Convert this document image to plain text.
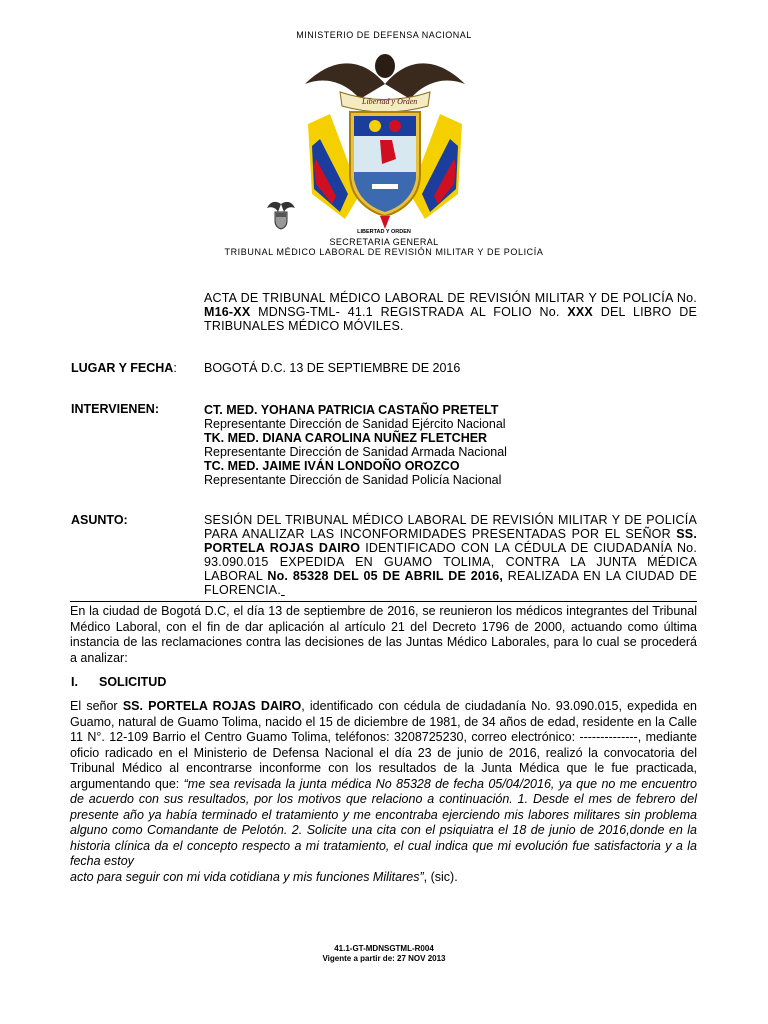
MINISTERIO DE DEFENSA NACIONAL
Libertad y Orden
LIBERTAD Y ORDEN
SECRETARIA GENERAL
TRIBUNAL MÉDICO LABORAL DE REVISIÓN MILITAR Y DE POLICÍA
ACTA DE TRIBUNAL MÉDICO LABORAL DE REVISIÓN MILITAR Y DE POLICÍA No. M16-XX MDNSG-TML- 41.1 REGISTRADA AL FOLIO No. XXX DEL LIBRO DE TRIBUNALES MÉDICO MÓVILES.
LUGAR Y FECHA: BOGOTÁ D.C. 13 DE SEPTIEMBRE DE 2016
INTERVIENEN:	CT. MED. YOHANA PATRICIA CASTAÑO PRETELT
Representante Dirección de Sanidad Ejército Nacional
TK. MED. DIANA CAROLINA NUÑEZ FLETCHER
Representante Dirección de Sanidad Armada Nacional
TC. MED. JAIME IVÁN LONDOÑO OROZCO
Representante Dirección de Sanidad Policía Nacional
ASUNTO:	SESIÓN DEL TRIBUNAL MÉDICO LABORAL DE REVISIÓN MILITAR Y DE POLICÍA PARA ANALIZAR LAS INCONFORMIDADES PRESENTADAS POR EL SEÑOR SS. PORTELA ROJAS DAIRO IDENTIFICADO CON LA CÉDULA DE CIUDADANÍA No. 93.090.015 EXPEDIDA EN GUAMO TOLIMA, CONTRA LA JUNTA MÉDICA LABORAL No. 85328 DEL 05 DE ABRIL DE 2016, REALIZADA EN LA CIUDAD DE FLORENCIA.
En la ciudad de Bogotá D.C, el día 13 de septiembre de 2016, se reunieron los médicos integrantes del Tribunal Médico Laboral, con el fin de dar aplicación al artículo 21 del Decreto 1796 de 2000, actuando como última instancia de las reclamaciones contra las decisiones de las Juntas Médico Laborales, para lo cual se procederá a analizar:
I. SOLICITUD
El señor SS. PORTELA ROJAS DAIRO, identificado con cédula de ciudadanía No. 93.090.015, expedida en Guamo, natural de Guamo Tolima, nacido el 15 de diciembre de 1981, de 34 años de edad, residente en la Calle 11 N°. 12-109 Barrio el Centro Guamo Tolima, teléfonos: 3208725230, correo electrónico: --------------, mediante oficio radicado en el Ministerio de Defensa Nacional el día 23 de junio de 2016, realizó la convocatoria del Tribunal Médico al encontrarse inconforme con los resultados de la Junta Médica que le fue practicada, argumentando que: “me sea revisada la junta médica No 85328 de fecha 05/04/2016, ya que no me encuentro de acuerdo con sus resultados, por los motivos que relaciono a continuación. 1. Desde el mes de febrero del presente año ya había terminado el tratamiento y me encontraba ejerciendo mis labores militares sin problema alguno como Comandante de Pelotón. 2. Solicite una cita con el psiquiatra el 18 de junio de 2016,donde en la historia clínica da el concepto respecto a mi tratamiento, el cual indica que mi evolución fue satisfactoria y a la fecha estoy
acto para seguir con mi vida cotidiana y mis funciones Militares”, (sic).
41.1-GT-MDNSGTML-R004
Vigente a partir de: 27 NOV 2013
